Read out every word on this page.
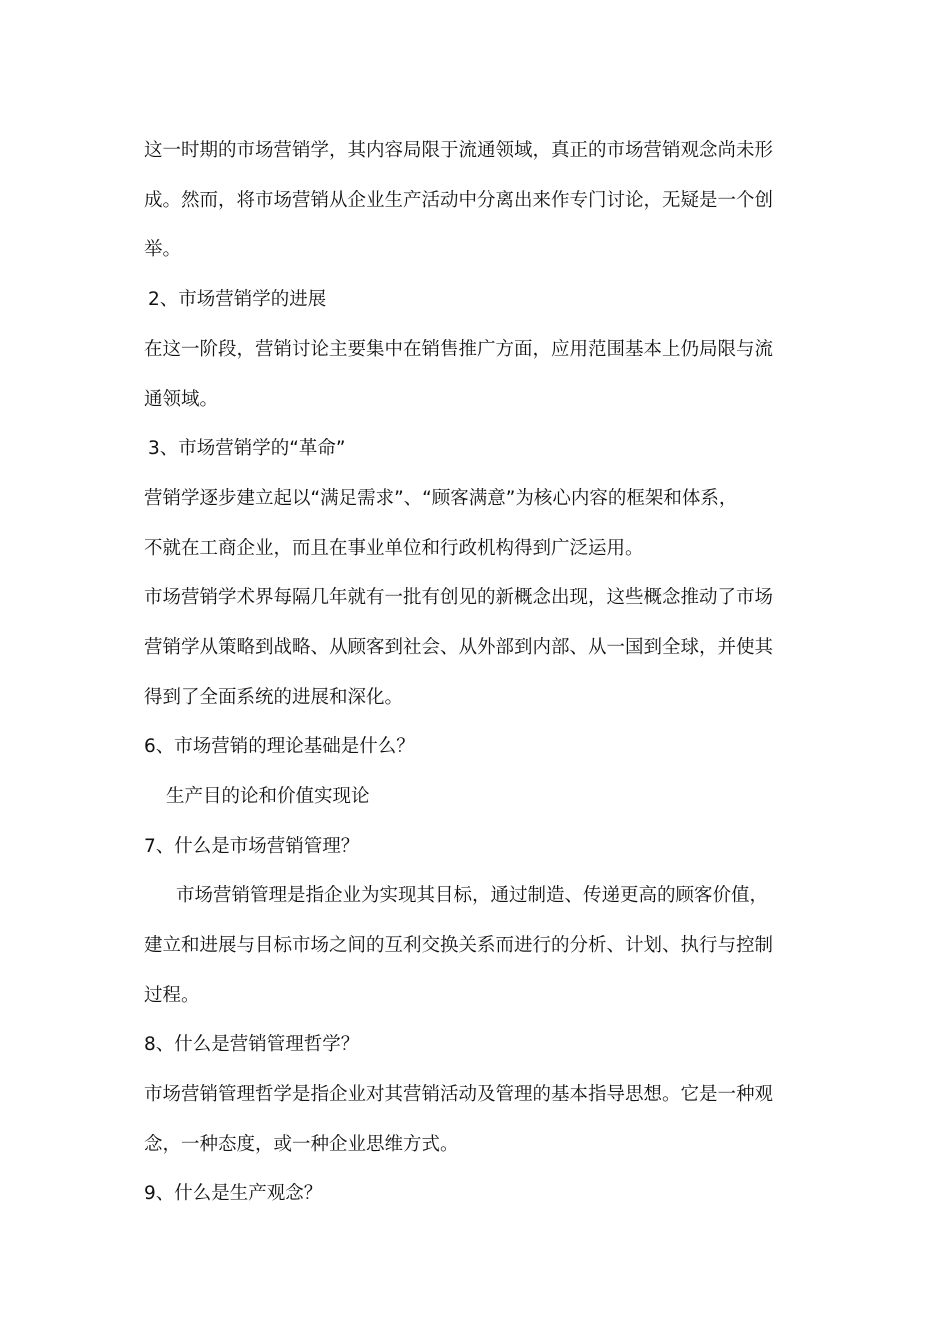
这一时期的市场营销学，其内容局限于流通领域，真正的市场营销观念尚未形
成。然而，将市场营销从企业生产活动中分离出来作专门讨论，无疑是一个创
举。
2、市场营销学的进展
在这一阶段，营销讨论主要集中在销售推广方面，应用范围基本上仍局限与流
通领域。
3、市场营销学的“革命”
营销学逐步建立起以“满足需求”、“顾客满意”为核心内容的框架和体系，
不就在工商企业，而且在事业单位和行政机构得到广泛运用。
市场营销学术界每隔几年就有一批有创见的新概念出现，这些概念推动了市场
营销学从策略到战略、从顾客到社会、从外部到内部、从一国到全球，并使其
得到了全面系统的进展和深化。
6、市场营销的理论基础是什么？
生产目的论和价值实现论
7、什么是市场营销管理？
市场营销管理是指企业为实现其目标，通过制造、传递更高的顾客价值，
建立和进展与目标市场之间的互利交换关系而进行的分析、计划、执行与控制
过程。
8、什么是营销管理哲学？
市场营销管理哲学是指企业对其营销活动及管理的基本指导思想。它是一种观
念，一种态度，或一种企业思维方式。
9、什么是生产观念？
